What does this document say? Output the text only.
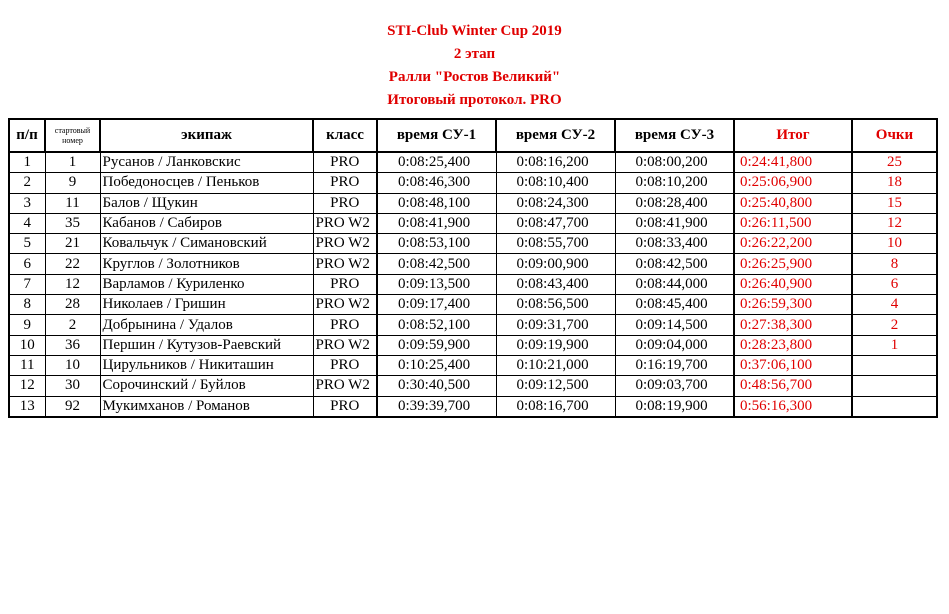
STI-Club Winter Cup 2019
2 этап
Ралли "Ростов Великий"
Итоговый протокол. PRO
п/п	стартовый номер	экипаж	класс	время СУ-1	время СУ-2	время СУ-3	Итог	Очки
1	1	Русанов / Ланковскис	PRO	0:08:25,400	0:08:16,200	0:08:00,200	0:24:41,800	25
2	9	Победоносцев / Пеньков	PRO	0:08:46,300	0:08:10,400	0:08:10,200	0:25:06,900	18
3	11	Балов / Щукин	PRO	0:08:48,100	0:08:24,300	0:08:28,400	0:25:40,800	15
4	35	Кабанов / Сабиров	PRO W2	0:08:41,900	0:08:47,700	0:08:41,900	0:26:11,500	12
5	21	Ковальчук / Симановский	PRO W2	0:08:53,100	0:08:55,700	0:08:33,400	0:26:22,200	10
6	22	Круглов / Золотников	PRO W2	0:08:42,500	0:09:00,900	0:08:42,500	0:26:25,900	8
7	12	Варламов / Куриленко	PRO	0:09:13,500	0:08:43,400	0:08:44,000	0:26:40,900	6
8	28	Николаев / Гришин	PRO W2	0:09:17,400	0:08:56,500	0:08:45,400	0:26:59,300	4
9	2	Добрынина / Удалов	PRO	0:08:52,100	0:09:31,700	0:09:14,500	0:27:38,300	2
10	36	Першин / Кутузов-Раевский	PRO W2	0:09:59,900	0:09:19,900	0:09:04,000	0:28:23,800	1
11	10	Цирульников / Никиташин	PRO	0:10:25,400	0:10:21,000	0:16:19,700	0:37:06,100	
12	30	Сорочинский / Буйлов	PRO W2	0:30:40,500	0:09:12,500	0:09:03,700	0:48:56,700	
13	92	Мукимханов / Романов	PRO	0:39:39,700	0:08:16,700	0:08:19,900	0:56:16,300	
